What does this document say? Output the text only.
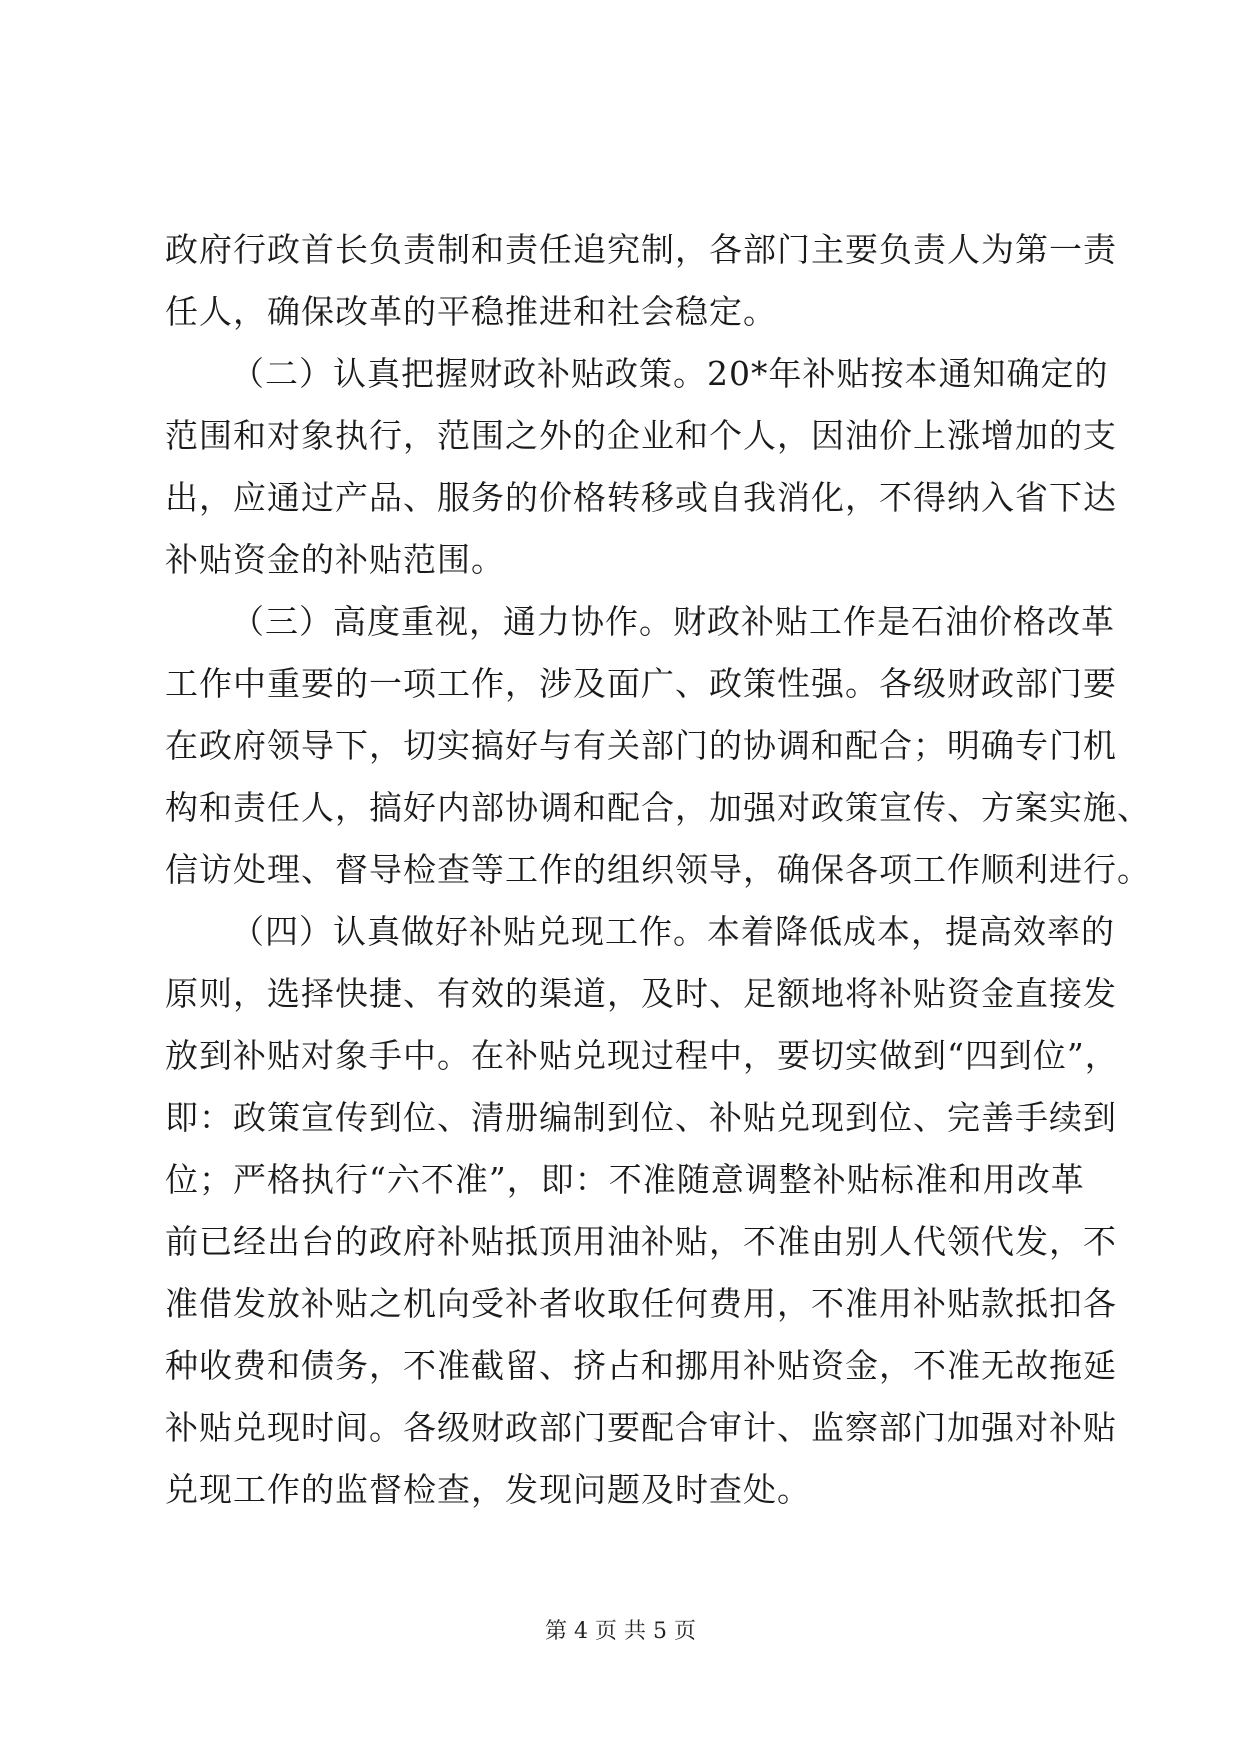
政府行政首长负责制和责任追究制，各部门主要负责人为第一责
任人，确保改革的平稳推进和社会稳定。
（二）认真把握财政补贴政策。20*年补贴按本通知确定的
范围和对象执行，范围之外的企业和个人，因油价上涨增加的支
出，应通过产品、服务的价格转移或自我消化，不得纳入省下达
补贴资金的补贴范围。
（三）高度重视，通力协作。财政补贴工作是石油价格改革
工作中重要的一项工作，涉及面广、政策性强。各级财政部门要
在政府领导下，切实搞好与有关部门的协调和配合；明确专门机
构和责任人，搞好内部协调和配合，加强对政策宣传、方案实施、
信访处理、督导检查等工作的组织领导，确保各项工作顺利进行。
（四）认真做好补贴兑现工作。本着降低成本，提高效率的
原则，选择快捷、有效的渠道，及时、足额地将补贴资金直接发
放到补贴对象手中。在补贴兑现过程中，要切实做到“四到位”，
即：政策宣传到位、清册编制到位、补贴兑现到位、完善手续到
位；严格执行“六不准”，即：不准随意调整补贴标准和用改革
前已经出台的政府补贴抵顶用油补贴，不准由别人代领代发，不
准借发放补贴之机向受补者收取任何费用，不准用补贴款抵扣各
种收费和债务，不准截留、挤占和挪用补贴资金，不准无故拖延
补贴兑现时间。各级财政部门要配合审计、监察部门加强对补贴
兑现工作的监督检查，发现问题及时查处。
第 4 页 共 5 页
